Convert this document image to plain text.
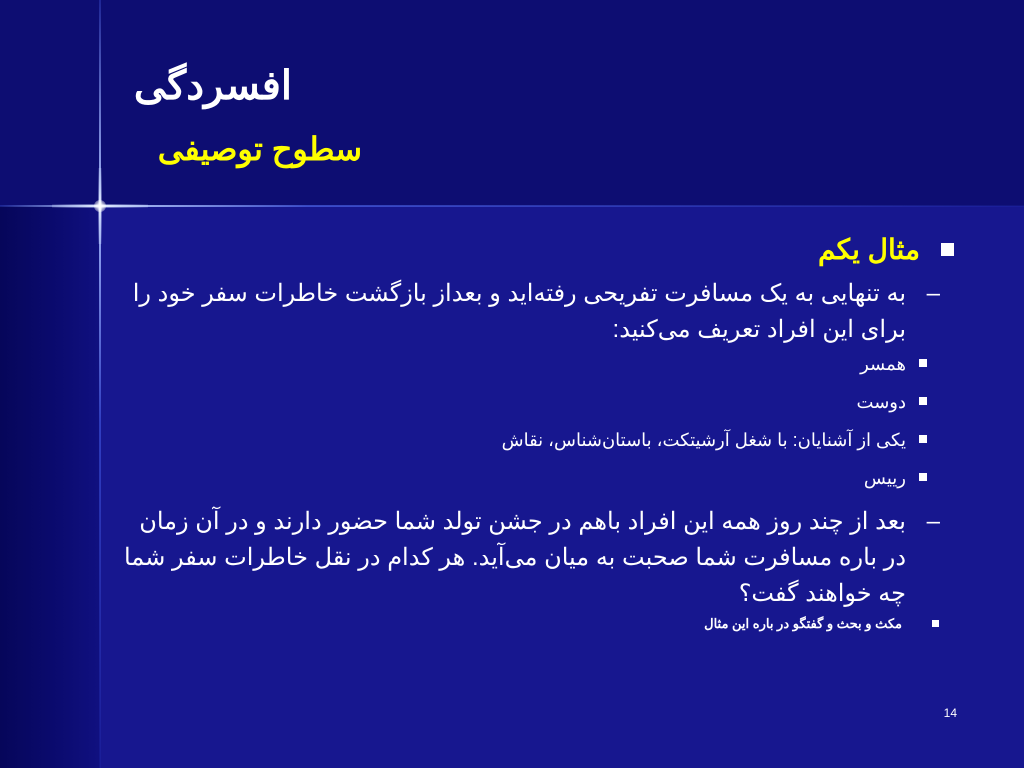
افسردگی
سطوح توصیفی
مثال یکم
–
به تنهایی به یک مسافرت تفریحی رفته‌اید و بعداز بازگشت خاطرات سفر خود را برای این افراد تعریف می‌کنید:
همسر
دوست
یکی از آشنایان: با شغل آرشیتکت، باستان‌شناس، نقاش
رییس
–
بعد از چند روز همه این افراد باهم در جشن تولد شما حضور دارند و در آن زمان در باره مسافرت شما صحبت به میان می‌آید. هر کدام در نقل خاطرات سفر شما چه خواهند گفت؟
مکث و بحث و گفتگو در باره این مثال
14
